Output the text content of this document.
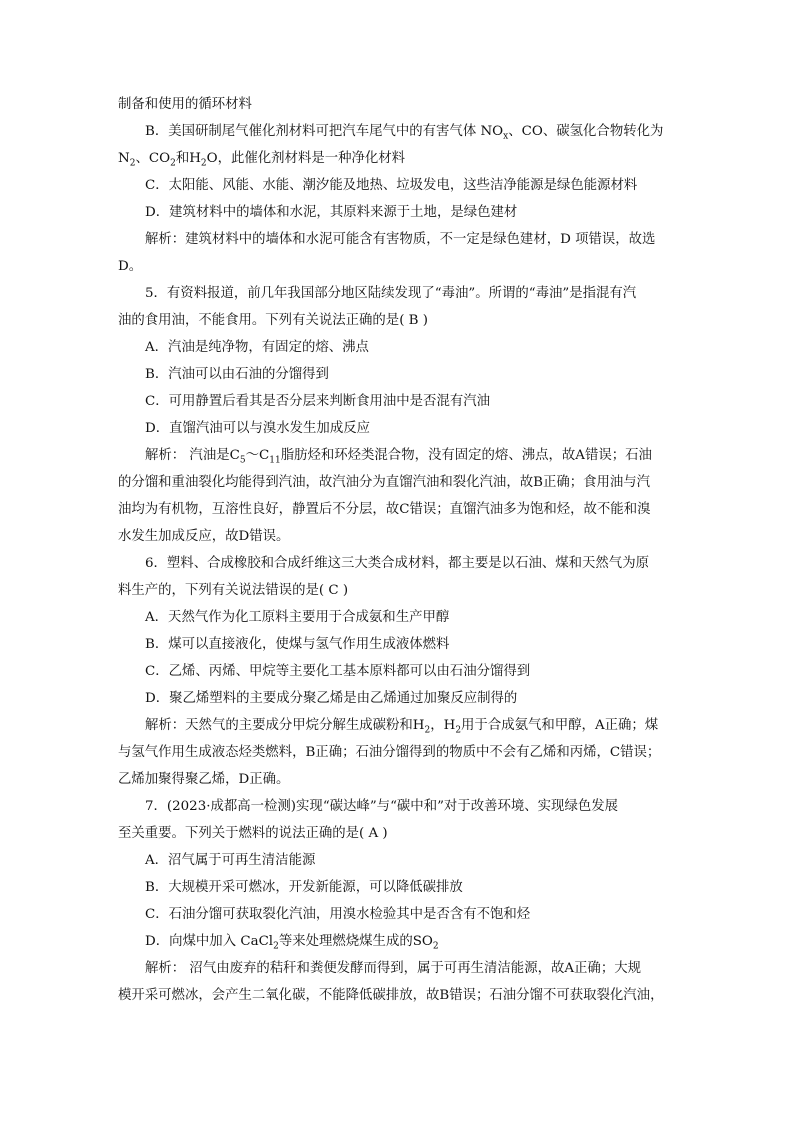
制备和使用的循环材料
B．美国研制尾气催化剂材料可把汽车尾气中的有害气体 $NO_x$、CO、碳氢化合物转化为
$N_2$、$CO_2$和$H_2O$，此催化剂材料是一种净化材料
C．太阳能、风能、水能、潮汐能及地热、垃圾发电，这些洁净能源是绿色能源材料
D．建筑材料中的墙体和水泥，其原料来源于土地，是绿色建材
解析：建筑材料中的墙体和水泥可能含有害物质，不一定是绿色建材，D 项错误，故选
D。
5．有资料报道，前几年我国部分地区陆续发现了“毒油”。所谓的“毒油”是指混有汽
油的食用油，不能食用。下列有关说法正确的是( B )
A．汽油是纯净物，有固定的熔、沸点
B．汽油可以由石油的分馏得到
C．可用静置后看其是否分层来判断食用油中是否混有汽油
D．直馏汽油可以与溴水发生加成反应
解析： 汽油是$C_5\sim C_{11}$脂肪烃和环烃类混合物，没有固定的熔、沸点，故A错误；石油
的分馏和重油裂化均能得到汽油，故汽油分为直馏汽油和裂化汽油，故B正确；食用油与汽
油均为有机物，互溶性良好，静置后不分层，故C错误；直馏汽油多为饱和烃，故不能和溴
水发生加成反应，故D错误。
6．塑料、合成橡胶和合成纤维这三大类合成材料，都主要是以石油、煤和天然气为原
料生产的，下列有关说法错误的是( C )
A．天然气作为化工原料主要用于合成氨和生产甲醇
B．煤可以直接液化，使煤与氢气作用生成液体燃料
C．乙烯、丙烯、甲烷等主要化工基本原料都可以由石油分馏得到
D．聚乙烯塑料的主要成分聚乙烯是由乙烯通过加聚反应制得的
解析：天然气的主要成分甲烷分解生成碳粉和$H_2$，$H_2$用于合成氨气和甲醇，A正确；煤
与氢气作用生成液态烃类燃料，B正确；石油分馏得到的物质中不会有乙烯和丙烯，C错误；
乙烯加聚得聚乙烯，D正确。
7．(2023·成都高一检测)实现“碳达峰”与“碳中和”对于改善环境、实现绿色发展
至关重要。下列关于燃料的说法正确的是( A )
A．沼气属于可再生清洁能源
B．大规模开采可燃冰，开发新能源，可以降低碳排放
C．石油分馏可获取裂化汽油，用溴水检验其中是否含有不饱和烃
D．向煤中加入 CaCl$_2$等来处理燃烧煤生成的$SO_2$
解析： 沼气由废弃的秸秆和粪便发酵而得到，属于可再生清洁能源，故A正确；大规
模开采可燃冰，会产生二氧化碳，不能降低碳排放，故B错误；石油分馏不可获取裂化汽油，
